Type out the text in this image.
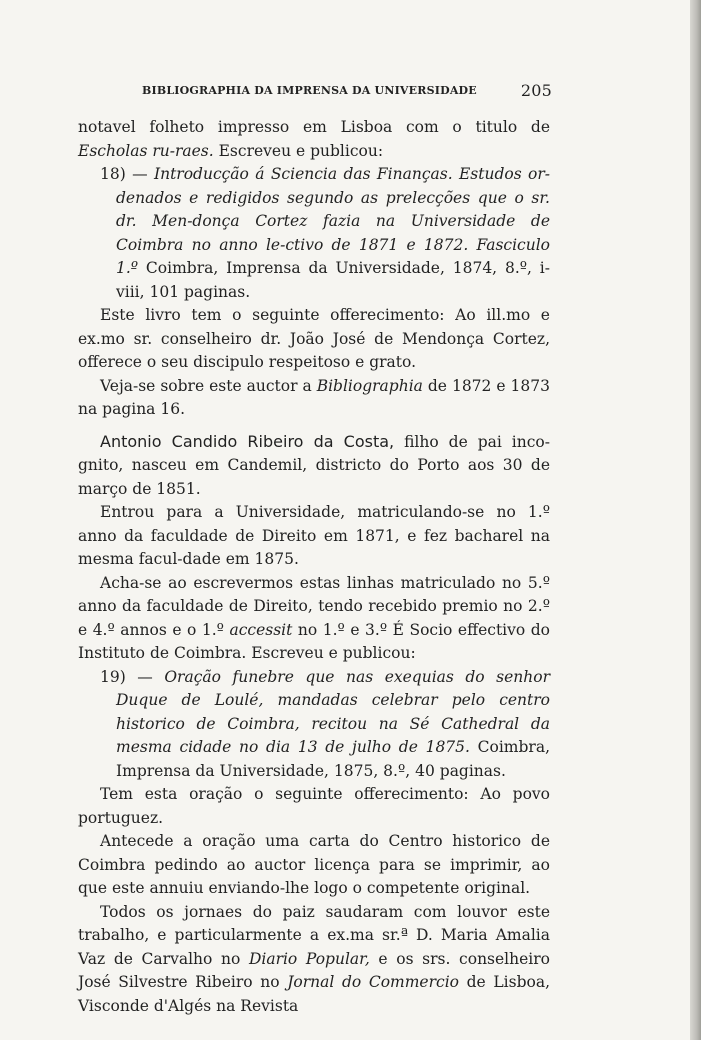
BIBLIOGRAPHIA DA IMPRENSA DA UNIVERSIDADE	205

notavel folheto impresso em Lisboa com o titulo de Escholas ru-raes. Escreveu e publicou:

18) — Introducção á Sciencia das Finanças. Estudos or-denados e redigidos segundo as prelecções que o sr. dr. Men-donça Cortez fazia na Universidade de Coimbra no anno le-ctivo de 1871 e 1872. Fasciculo 1.º Coimbra, Imprensa da Universidade, 1874, 8.º, i-viii, 101 paginas.

Este livro tem o seguinte offerecimento: Ao ill.mo e ex.mo sr. conselheiro dr. João José de Mendonça Cortez, offerece o seu discipulo respeitoso e grato.

Veja-se sobre este auctor a Bibliographia de 1872 e 1873 na pagina 16.

Antonio Candido Ribeiro da Costa, filho de pai inco-gnito, nasceu em Candemil, districto do Porto aos 30 de março de 1851.

Entrou para a Universidade, matriculando-se no 1.º anno da faculdade de Direito em 1871, e fez bacharel na mesma facul-dade em 1875.

Acha-se ao escrevermos estas linhas matriculado no 5.º anno da faculdade de Direito, tendo recebido premio no 2.º e 4.º annos e o 1.º accessit no 1.º e 3.º É Socio effectivo do Instituto de Coimbra. Escreveu e publicou:

19) — Oração funebre que nas exequias do senhor Duque de Loulé, mandadas celebrar pelo centro historico de Coimbra, recitou na Sé Cathedral da mesma cidade no dia 13 de julho de 1875. Coimbra, Imprensa da Universidade, 1875, 8.º, 40 paginas.

Tem esta oração o seguinte offerecimento: Ao povo portuguez.

Antecede a oração uma carta do Centro historico de Coimbra pedindo ao auctor licença para se imprimir, ao que este annuiu enviando-lhe logo o competente original.

Todos os jornaes do paiz saudaram com louvor este trabalho, e particularmente a ex.ma sr.ª D. Maria Amalia Vaz de Carvalho no Diario Popular, e os srs. conselheiro José Silvestre Ribeiro no Jornal do Commercio de Lisboa, Visconde d'Algés na Revista
